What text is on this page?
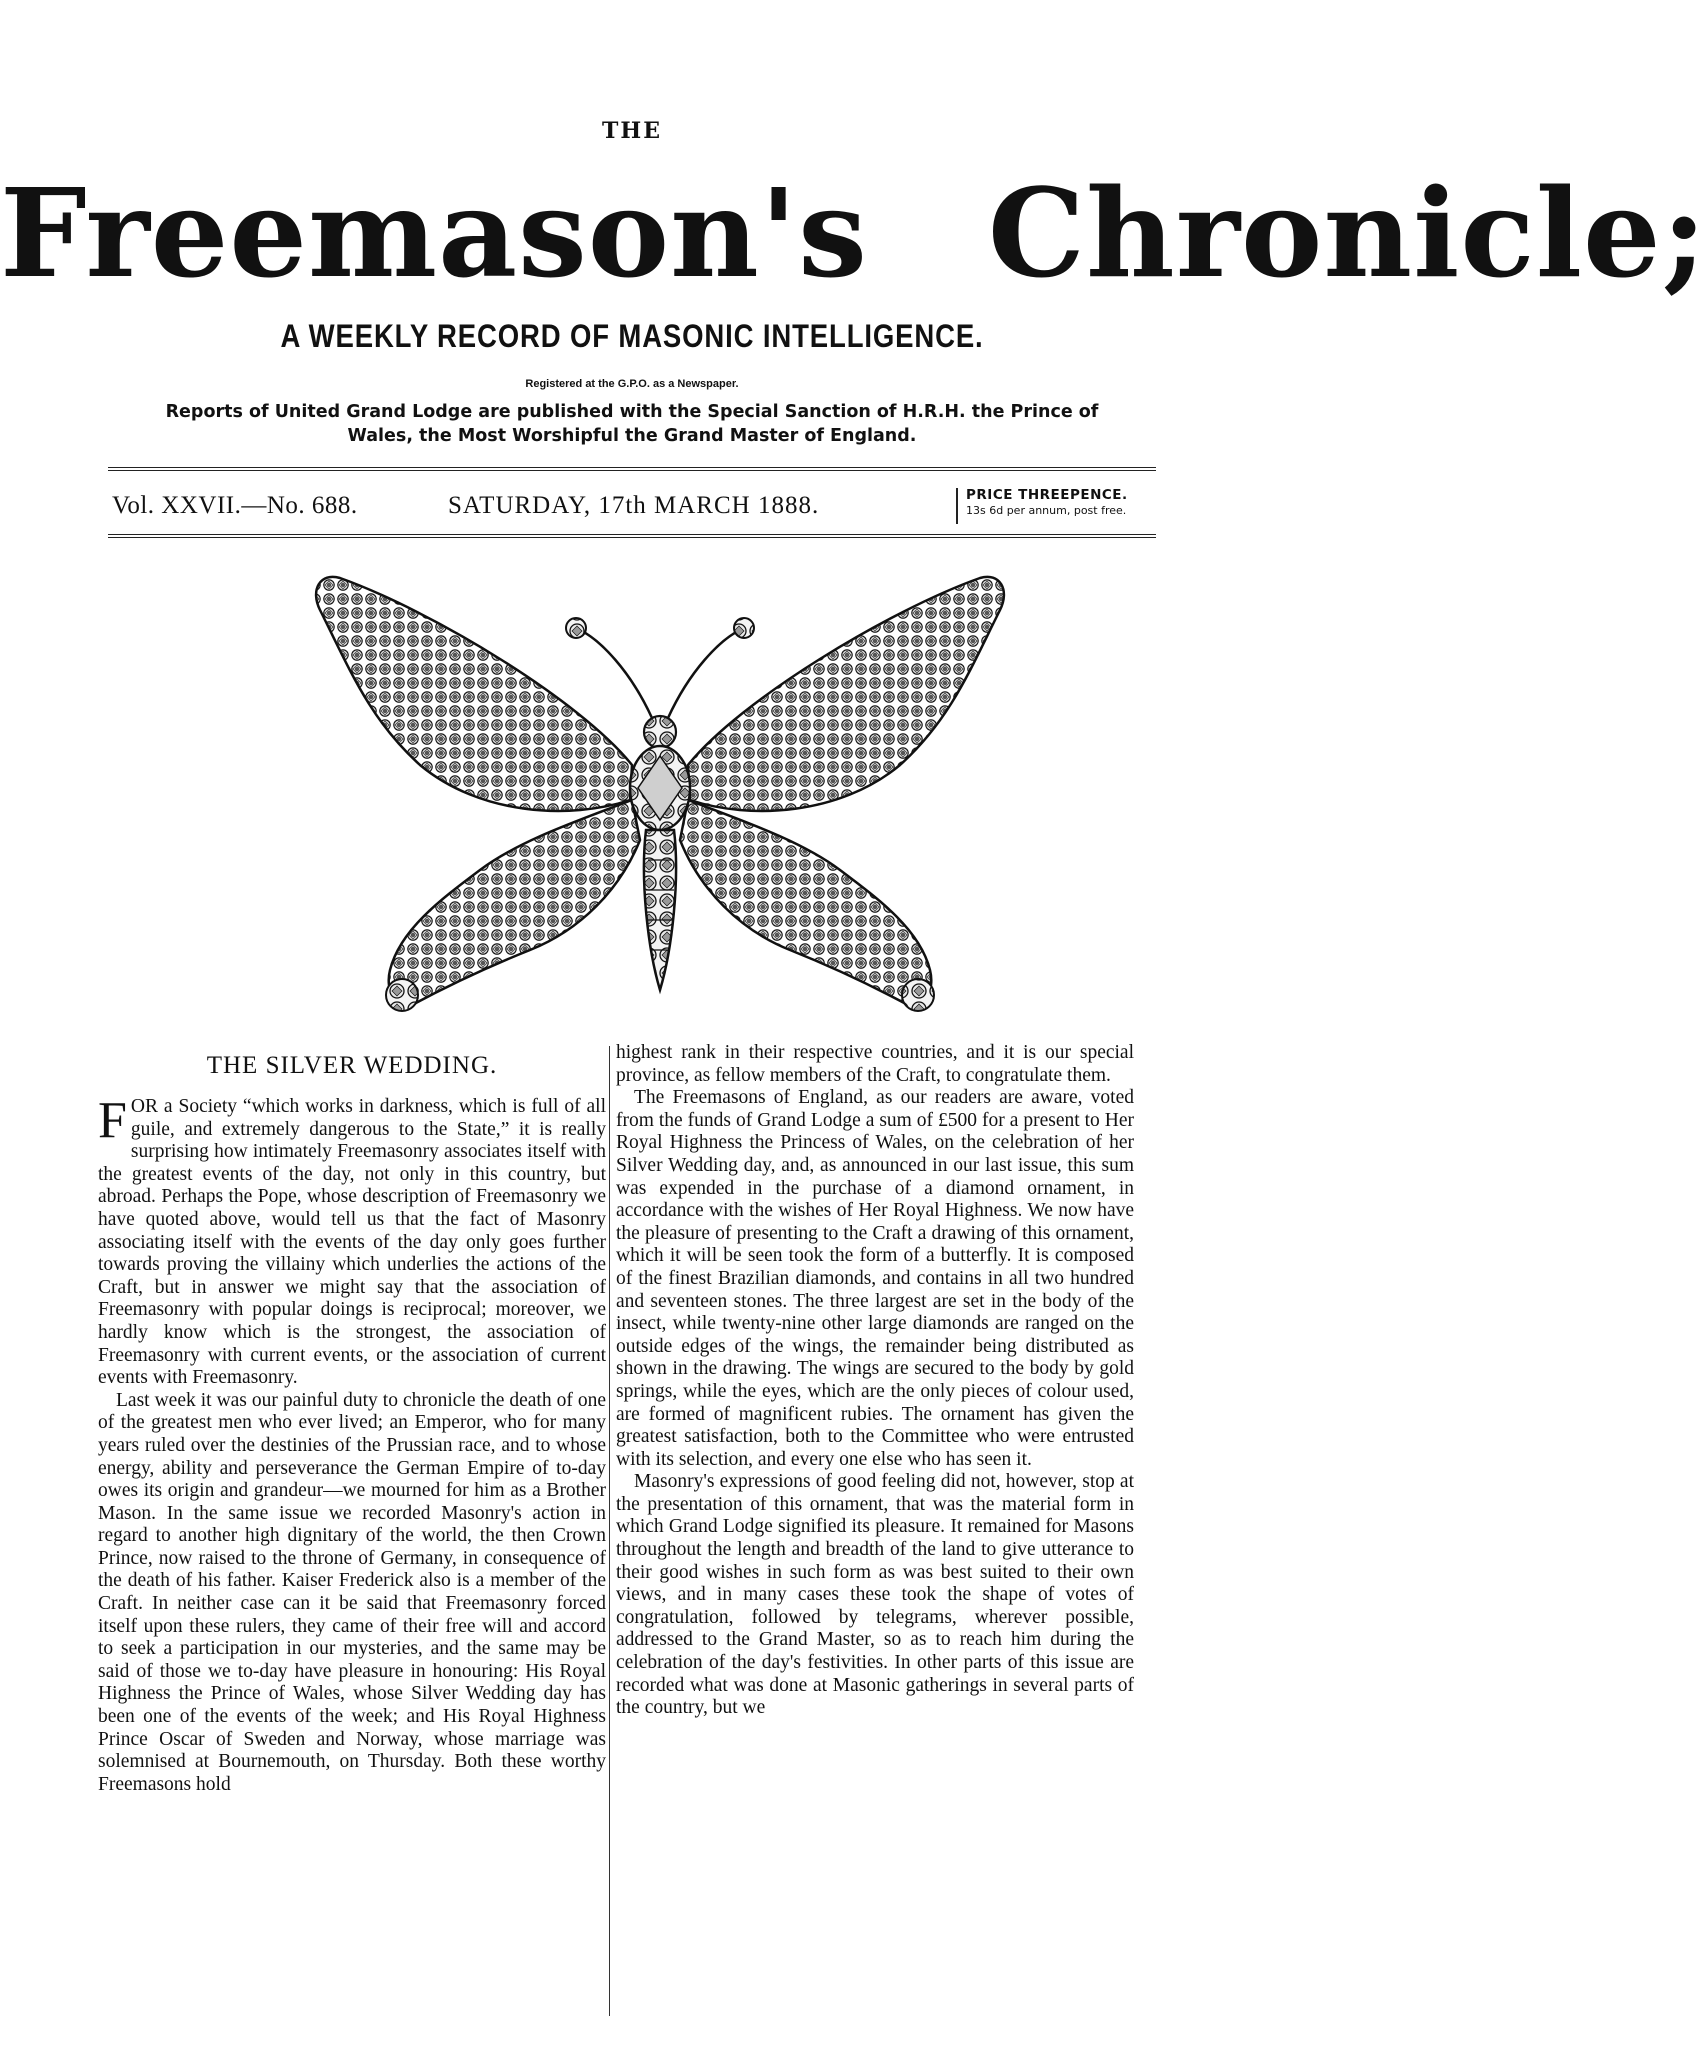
THE
Freemason's Chronicle;
A WEEKLY RECORD OF MASONIC INTELLIGENCE.
Registered at the G.P.O. as a Newspaper.
Reports of United Grand Lodge are published with the Special Sanction of H.R.H. the Prince of Wales, the Most Worshipful the Grand Master of England.
Vol. XXVII.—No. 688.	SATURDAY, 17th MARCH 1888.	PRICE THREEPENCE.
13s 6d per annum, post free.
THE SILVER WEDDING.

FOR a Society “which works in darkness, which is full of all guile, and extremely dangerous to the State,” it is really surprising how intimately Freemasonry associates itself with the greatest events of the day, not only in this country, but abroad. Perhaps the Pope, whose description of Freemasonry we have quoted above, would tell us that the fact of Masonry associating itself with the events of the day only goes further towards proving the villainy which underlies the actions of the Craft, but in answer we might say that the association of Freemasonry with popular doings is reciprocal; moreover, we hardly know which is the strongest, the association of Freemasonry with current events, or the association of current events with Freemasonry.

Last week it was our painful duty to chronicle the death of one of the greatest men who ever lived; an Emperor, who for many years ruled over the destinies of the Prussian race, and to whose energy, ability and perseverance the German Empire of to-day owes its origin and grandeur—we mourned for him as a Brother Mason. In the same issue we recorded Masonry's action in regard to another high dignitary of the world, the then Crown Prince, now raised to the throne of Germany, in consequence of the death of his father. Kaiser Frederick also is a member of the Craft. In neither case can it be said that Freemasonry forced itself upon these rulers, they came of their free will and accord to seek a participation in our mysteries, and the same may be said of those we to-day have pleasure in honouring: His Royal Highness the Prince of Wales, whose Silver Wedding day has been one of the events of the week; and His Royal Highness Prince Oscar of Sweden and Norway, whose marriage was solemnised at Bournemouth, on Thursday. Both these worthy Freemasons hold

highest rank in their respective countries, and it is our special province, as fellow members of the Craft, to congratulate them.

The Freemasons of England, as our readers are aware, voted from the funds of Grand Lodge a sum of £500 for a present to Her Royal Highness the Princess of Wales, on the celebration of her Silver Wedding day, and, as announced in our last issue, this sum was expended in the purchase of a diamond ornament, in accordance with the wishes of Her Royal Highness. We now have the pleasure of presenting to the Craft a drawing of this ornament, which it will be seen took the form of a butterfly. It is composed of the finest Brazilian diamonds, and contains in all two hundred and seventeen stones. The three largest are set in the body of the insect, while twenty-nine other large diamonds are ranged on the outside edges of the wings, the remainder being distributed as shown in the drawing. The wings are secured to the body by gold springs, while the eyes, which are the only pieces of colour used, are formed of magnificent rubies. The ornament has given the greatest satisfaction, both to the Committee who were entrusted with its selection, and every one else who has seen it.

Masonry's expressions of good feeling did not, however, stop at the presentation of this ornament, that was the material form in which Grand Lodge signified its pleasure. It remained for Masons throughout the length and breadth of the land to give utterance to their good wishes in such form as was best suited to their own views, and in many cases these took the shape of votes of congratulation, followed by telegrams, wherever possible, addressed to the Grand Master, so as to reach him during the celebration of the day's festivities. In other parts of this issue are recorded what was done at Masonic gatherings in several parts of the country, but we
